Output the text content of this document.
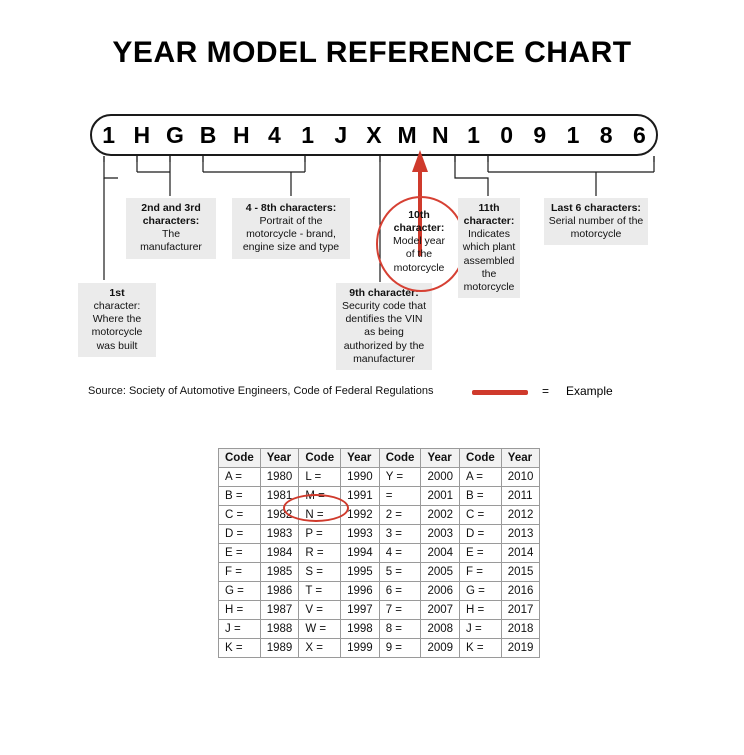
YEAR MODEL REFERENCE CHART
1 H G B H 4 1 J X M N 1 0 9 1 8 6
1st
character: Where the motorcycle was built
2nd and 3rd characters:
The manufacturer
4 - 8th characters:
Portrait of the motorcycle - brand, engine size and type
9th character:
Security code that dentifies the VIN as being authorized by the manufacturer
10th character:
Model year of the motorcycle
11th character:
Indicates which plant assembled the motorcycle
Last 6 characters:
Serial number of the motorcycle
Source: Society of Automotive Engineers, Code of Federal Regulations	= Example
Code	Year	Code	Year	Code	Year	Code	Year
A =	1980	L =	1990	Y =	2000	A =	2010
B =	1981	M =	1991	=	2001	B =	2011
C =	1982	N =	1992	2 =	2002	C =	2012
D =	1983	P =	1993	3 =	2003	D =	2013
E =	1984	R =	1994	4 =	2004	E =	2014
F =	1985	S =	1995	5 =	2005	F =	2015
G =	1986	T =	1996	6 =	2006	G =	2016
H =	1987	V =	1997	7 =	2007	H =	2017
J =	1988	W =	1998	8 =	2008	J =	2018
K =	1989	X =	1999	9 =	2009	K =	2019
